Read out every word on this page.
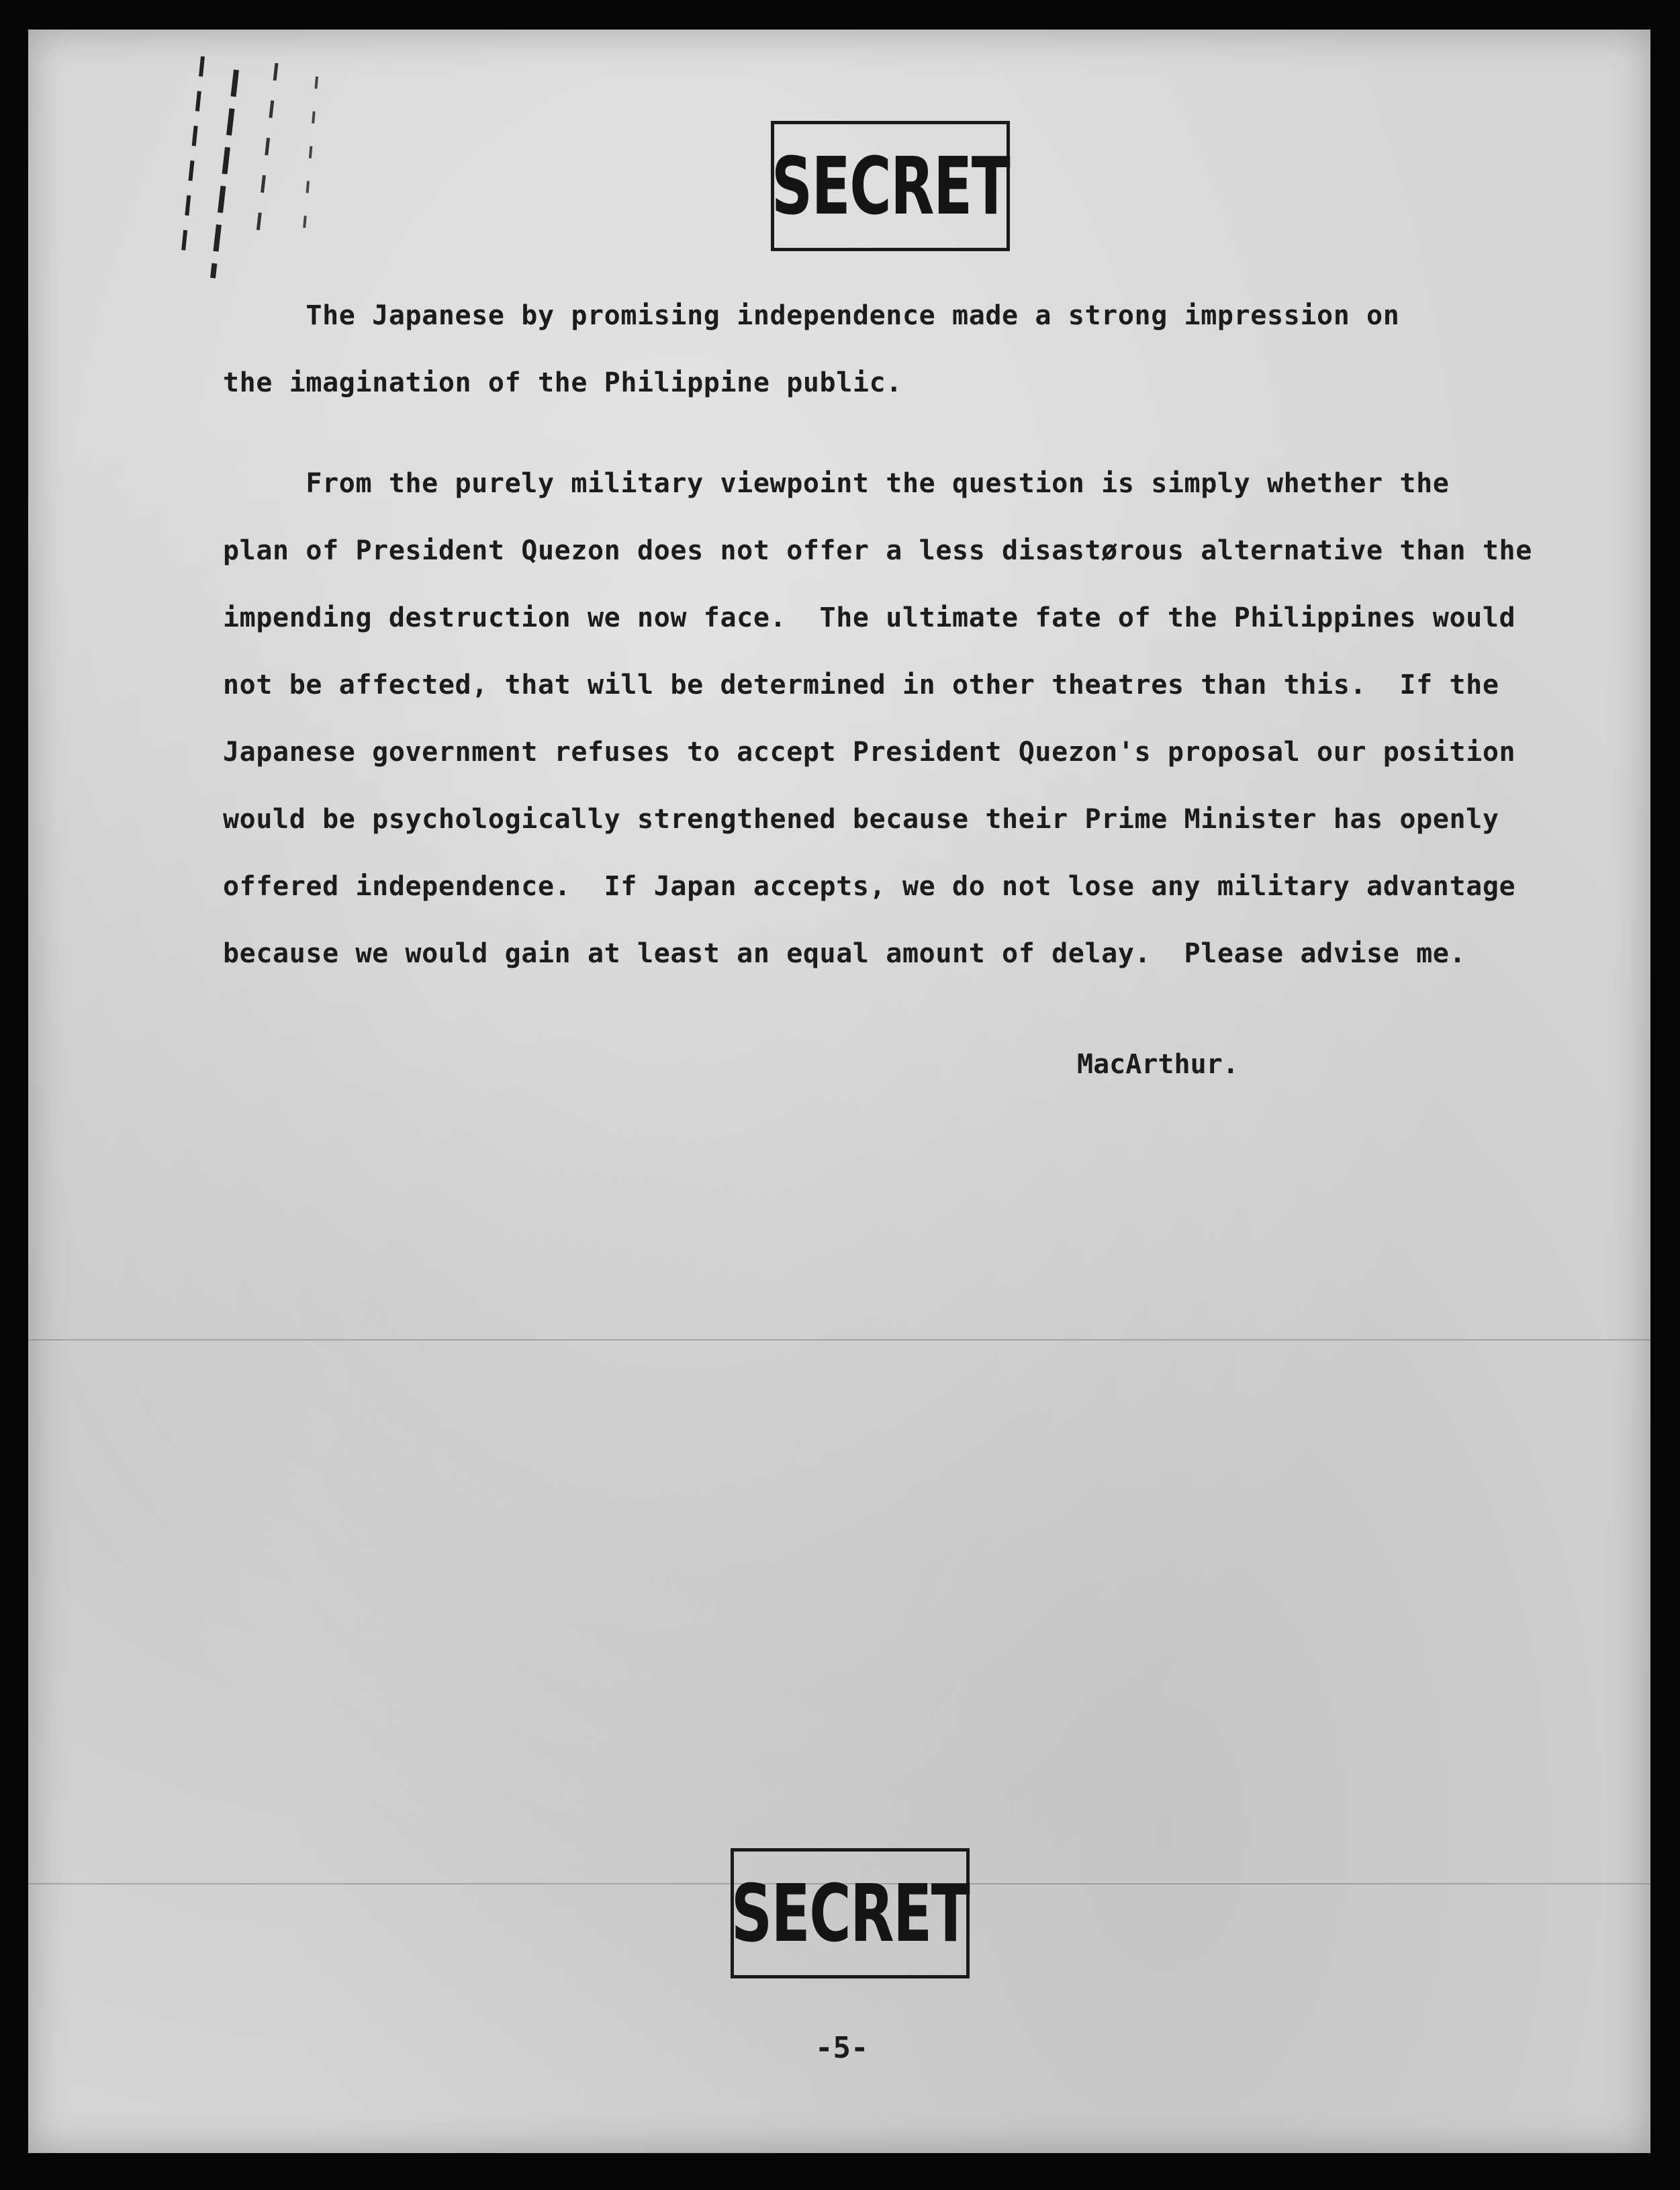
SECRET
The Japanese by promising independence made a strong impression on
the imagination of the Philippine public.
From the purely military viewpoint the question is simply whether the
plan of President Quezon does not offer a less disastørous alternative than the
impending destruction we now face.  The ultimate fate of the Philippines would
not be affected, that will be determined in other theatres than this.  If the
Japanese government refuses to accept President Quezon's proposal our position
would be psychologically strengthened because their Prime Minister has openly
offered independence.  If Japan accepts, we do not lose any military advantage
because we would gain at least an equal amount of delay.  Please advise me.
MacArthur.
SECRET
-5-
